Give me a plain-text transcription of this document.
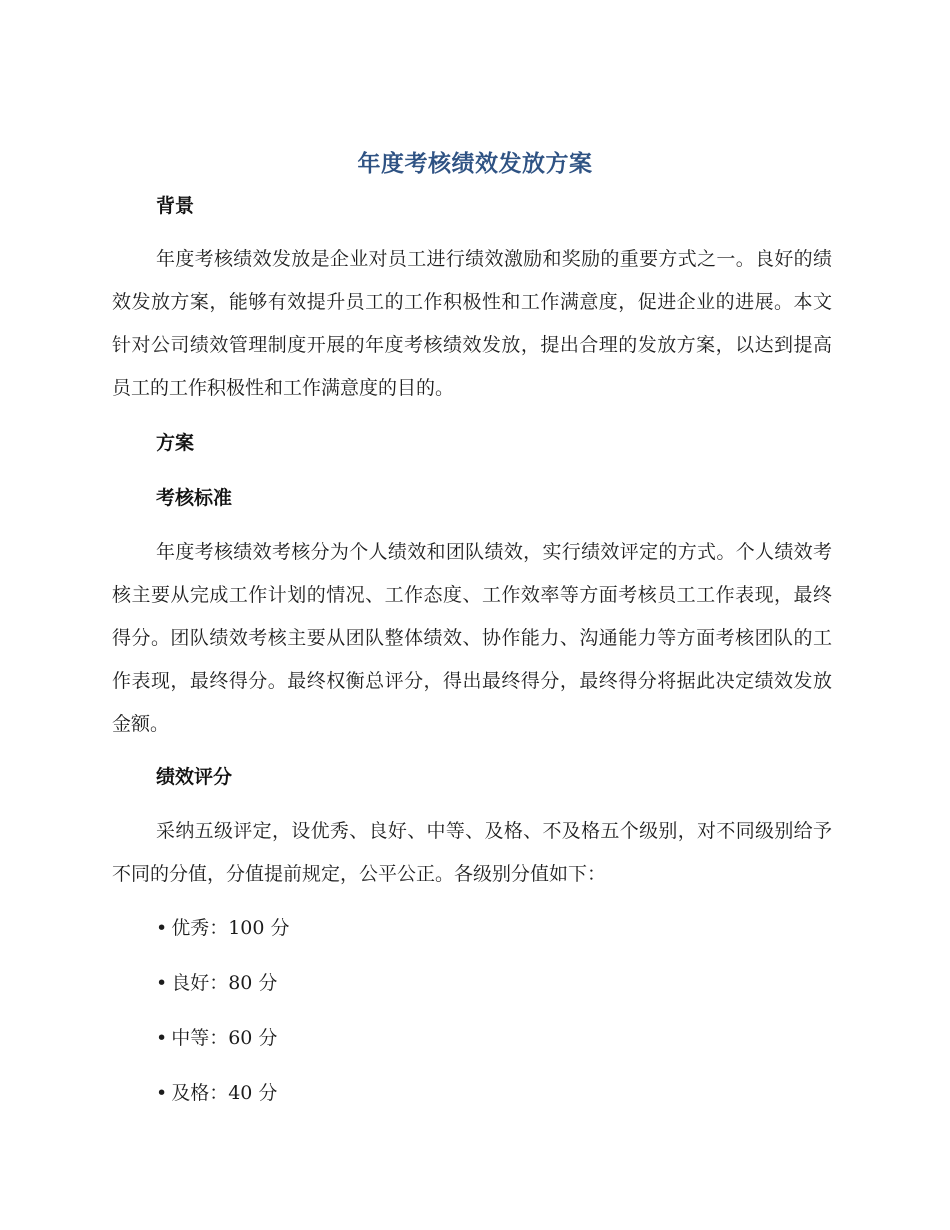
年度考核绩效发放方案
背景
年度考核绩效发放是企业对员工进行绩效激励和奖励的重要方式之一。良好的绩效发放方案，能够有效提升员工的工作积极性和工作满意度，促进企业的进展。本文针对公司绩效管理制度开展的年度考核绩效发放，提出合理的发放方案，以达到提高员工的工作积极性和工作满意度的目的。
方案
考核标准
年度考核绩效考核分为个人绩效和团队绩效，实行绩效评定的方式。个人绩效考核主要从完成工作计划的情况、工作态度、工作效率等方面考核员工工作表现，最终得分。团队绩效考核主要从团队整体绩效、协作能力、沟通能力等方面考核团队的工作表现，最终得分。最终权衡总评分，得出最终得分，最终得分将据此决定绩效发放金额。
绩效评分
采纳五级评定，设优秀、良好、中等、及格、不及格五个级别，对不同级别给予不同的分值，分值提前规定，公平公正。各级别分值如下：
• 优秀：100 分
• 良好：80 分
• 中等：60 分
• 及格：40 分
